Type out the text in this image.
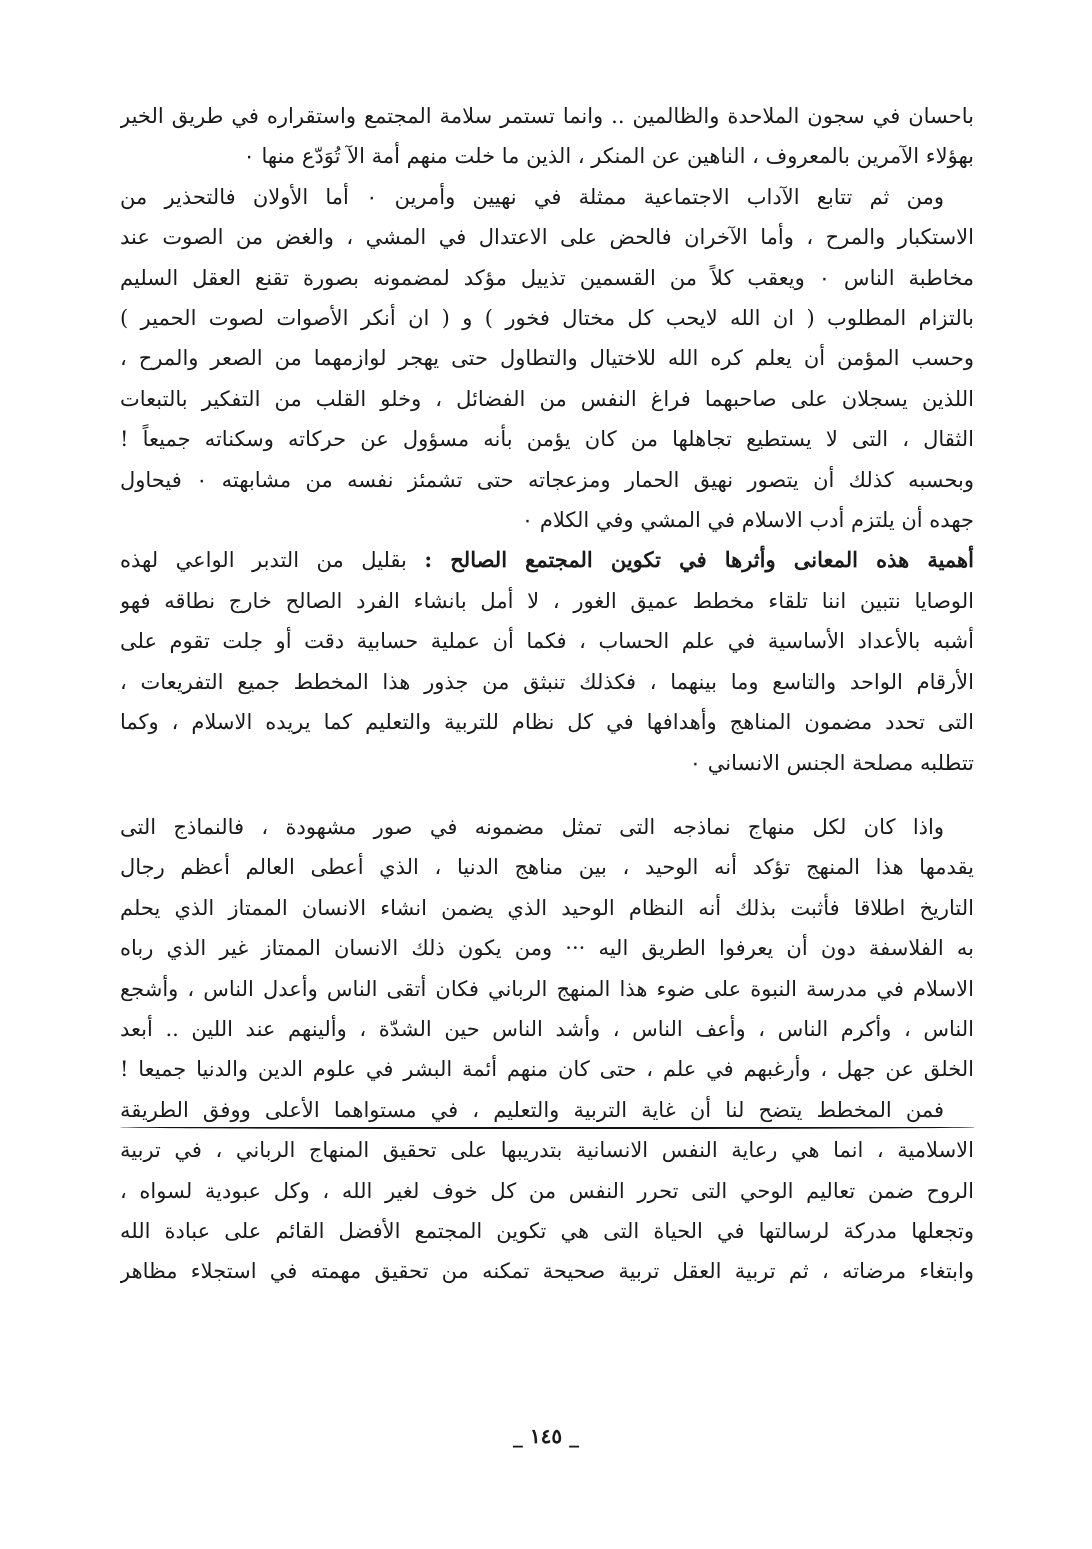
باحسان في سجون الملاحدة والظالمين .. وانما تستمر سلامة المجتمع واستقراره في طريق الخير
بهؤلاء الآمرين بالمعروف ، الناهين عن المنكر ، الذين ما خلت منهم أمة الآ تُوَدّع منها ٠
ومن ثم تتابع الآداب الاجتماعية ممثلة في نهيين وأمرين ٠ أما الأولان فالتحذير من
الاستكبار والمرح ، وأما الآخران فالحض على الاعتدال في المشي ، والغض من الصوت عند
مخاطبة الناس ٠ ويعقب كلاً من القسمين تذييل مؤكد لمضمونه بصورة تقنع العقل السليم
بالتزام المطلوب ( ان الله لايحب كل مختال فخور ) و ( ان أنكر الأصوات لصوت الحمير )
وحسب المؤمن أن يعلم كره الله للاختيال والتطاول حتى يهجر لوازمهما من الصعر والمرح ،
اللذين يسجلان على صاحبهما فراغ النفس من الفضائل ، وخلو القلب من التفكير بالتبعات
الثقال ، التى لا يستطيع تجاهلها من كان يؤمن بأنه مسؤول عن حركاته وسكناته جميعاً !
وبحسبه كذلك أن يتصور نهيق الحمار ومزعجاته حتى تشمئز نفسه من مشابهته ٠ فيحاول
جهده أن يلتزم أدب الاسلام في المشي وفي الكلام ٠
أهمية هذه المعانى وأثرها في تكوين المجتمع الصالح : بقليل من التدبر الواعي لهذه
الوصايا نتبين اننا تلقاء مخطط عميق الغور ، لا أمل بانشاء الفرد الصالح خارج نطاقه فهو
أشبه بالأعداد الأساسية في علم الحساب ، فكما أن عملية حسابية دقت أو جلت تقوم على
الأرقام الواحد والتاسع وما بينهما ، فكذلك تنبثق من جذور هذا المخطط جميع التفريعات ،
التى تحدد مضمون المناهج وأهدافها في كل نظام للتربية والتعليم كما يريده الاسلام ، وكما
تتطلبه مصلحة الجنس الانساني ٠
واذا كان لكل منهاج نماذجه التى تمثل مضمونه في صور مشهودة ، فالنماذج التى
يقدمها هذا المنهج تؤكد أنه الوحيد ، بين مناهج الدنيا ، الذي أعطى العالم أعظم رجال
التاريخ اطلاقا فأثبت بذلك أنه النظام الوحيد الذي يضمن انشاء الانسان الممتاز الذي يحلم
به الفلاسفة دون أن يعرفوا الطريق اليه ··· ومن يكون ذلك الانسان الممتاز غير الذي رباه
الاسلام في مدرسة النبوة على ضوء هذا المنهج الرباني فكان أتقى الناس وأعدل الناس ، وأشجع
الناس ، وأكرم الناس ، وأعف الناس ، وأشد الناس حين الشدّة ، وألينهم عند اللين .. أبعد
الخلق عن جهل ، وأرغبهم في علم ، حتى كان منهم أئمة البشر في علوم الدين والدنيا جميعا !
فمن المخطط يتضح لنا أن غاية التربية والتعليم ، في مستواهما الأعلى ووفق الطريقة
الاسلامية ، انما هي رعاية النفس الانسانية بتدريبها على تحقيق المنهاج الرباني ، في تربية
الروح ضمن تعاليم الوحي التى تحرر النفس من كل خوف لغير الله ، وكل عبودية لسواه ،
وتجعلها مدركة لرسالتها في الحياة التى هي تكوين المجتمع الأفضل القائم على عبادة الله
وابتغاء مرضاته ، ثم تربية العقل تربية صحيحة تمكنه من تحقيق مهمته في استجلاء مظاهر
_ ١٤٥ _
